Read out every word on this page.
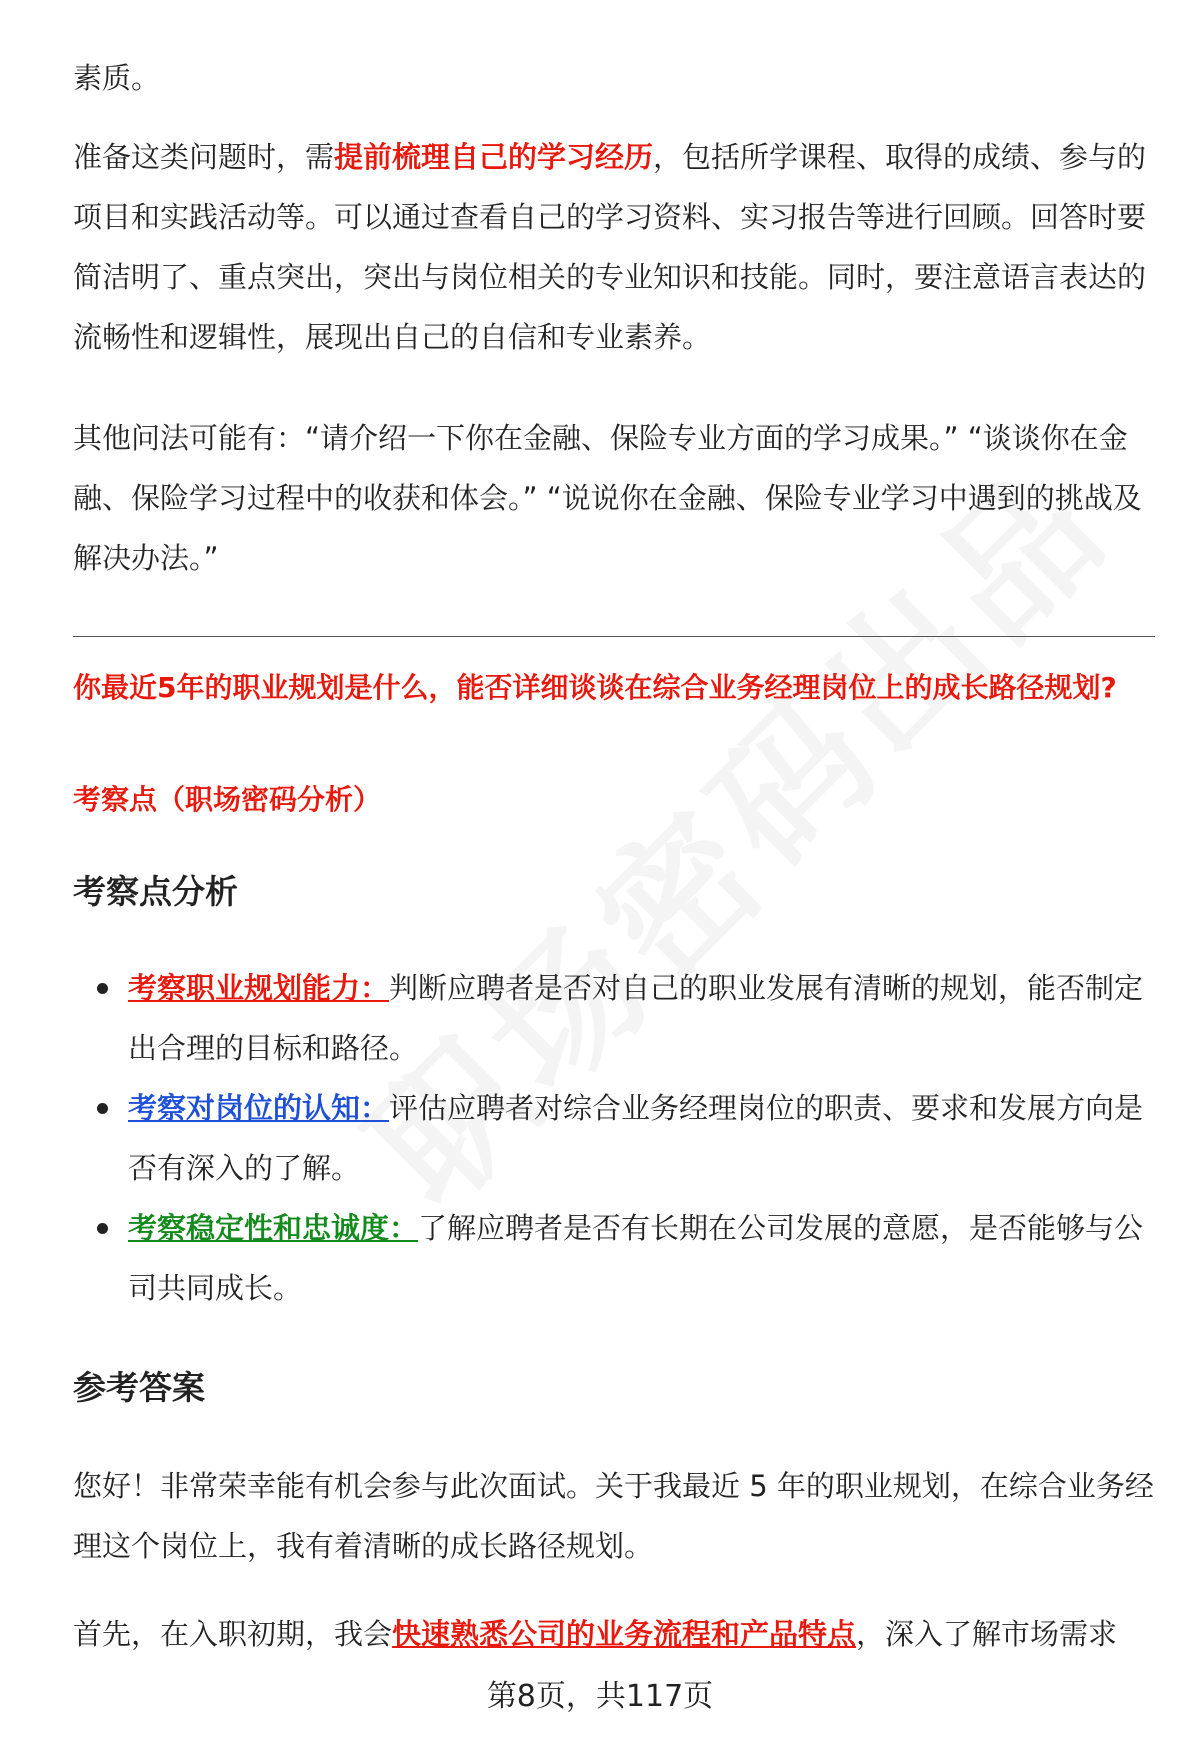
素质。

准备这类问题时，需提前梳理自己的学习经历，包括所学课程、取得的成绩、参与的项目和实践活动等。可以通过查看自己的学习资料、实习报告等进行回顾。回答时要简洁明了、重点突出，突出与岗位相关的专业知识和技能。同时，要注意语言表达的流畅性和逻辑性，展现出自己的自信和专业素养。

其他问法可能有：“请介绍一下你在金融、保险专业方面的学习成果。” “谈谈你在金融、保险学习过程中的收获和体会。” “说说你在金融、保险专业学习中遇到的挑战及解决办法。”

你最近5年的职业规划是什么，能否详细谈谈在综合业务经理岗位上的成长路径规划?

考察点（职场密码分析）

考察点分析
考察职业规划能力：判断应聘者是否对自己的职业发展有清晰的规划，能否制定出合理的目标和路径。
考察对岗位的认知：评估应聘者对综合业务经理岗位的职责、要求和发展方向是否有深入的了解。
考察稳定性和忠诚度：了解应聘者是否有长期在公司发展的意愿，是否能够与公司共同成长。
参考答案

您好！非常荣幸能有机会参与此次面试。关于我最近 5 年的职业规划，在综合业务经理这个岗位上，我有着清晰的成长路径规划。

首先，在入职初期，我会快速熟悉公司的业务流程和产品特点，深入了解市场需求

第8页，共117页
